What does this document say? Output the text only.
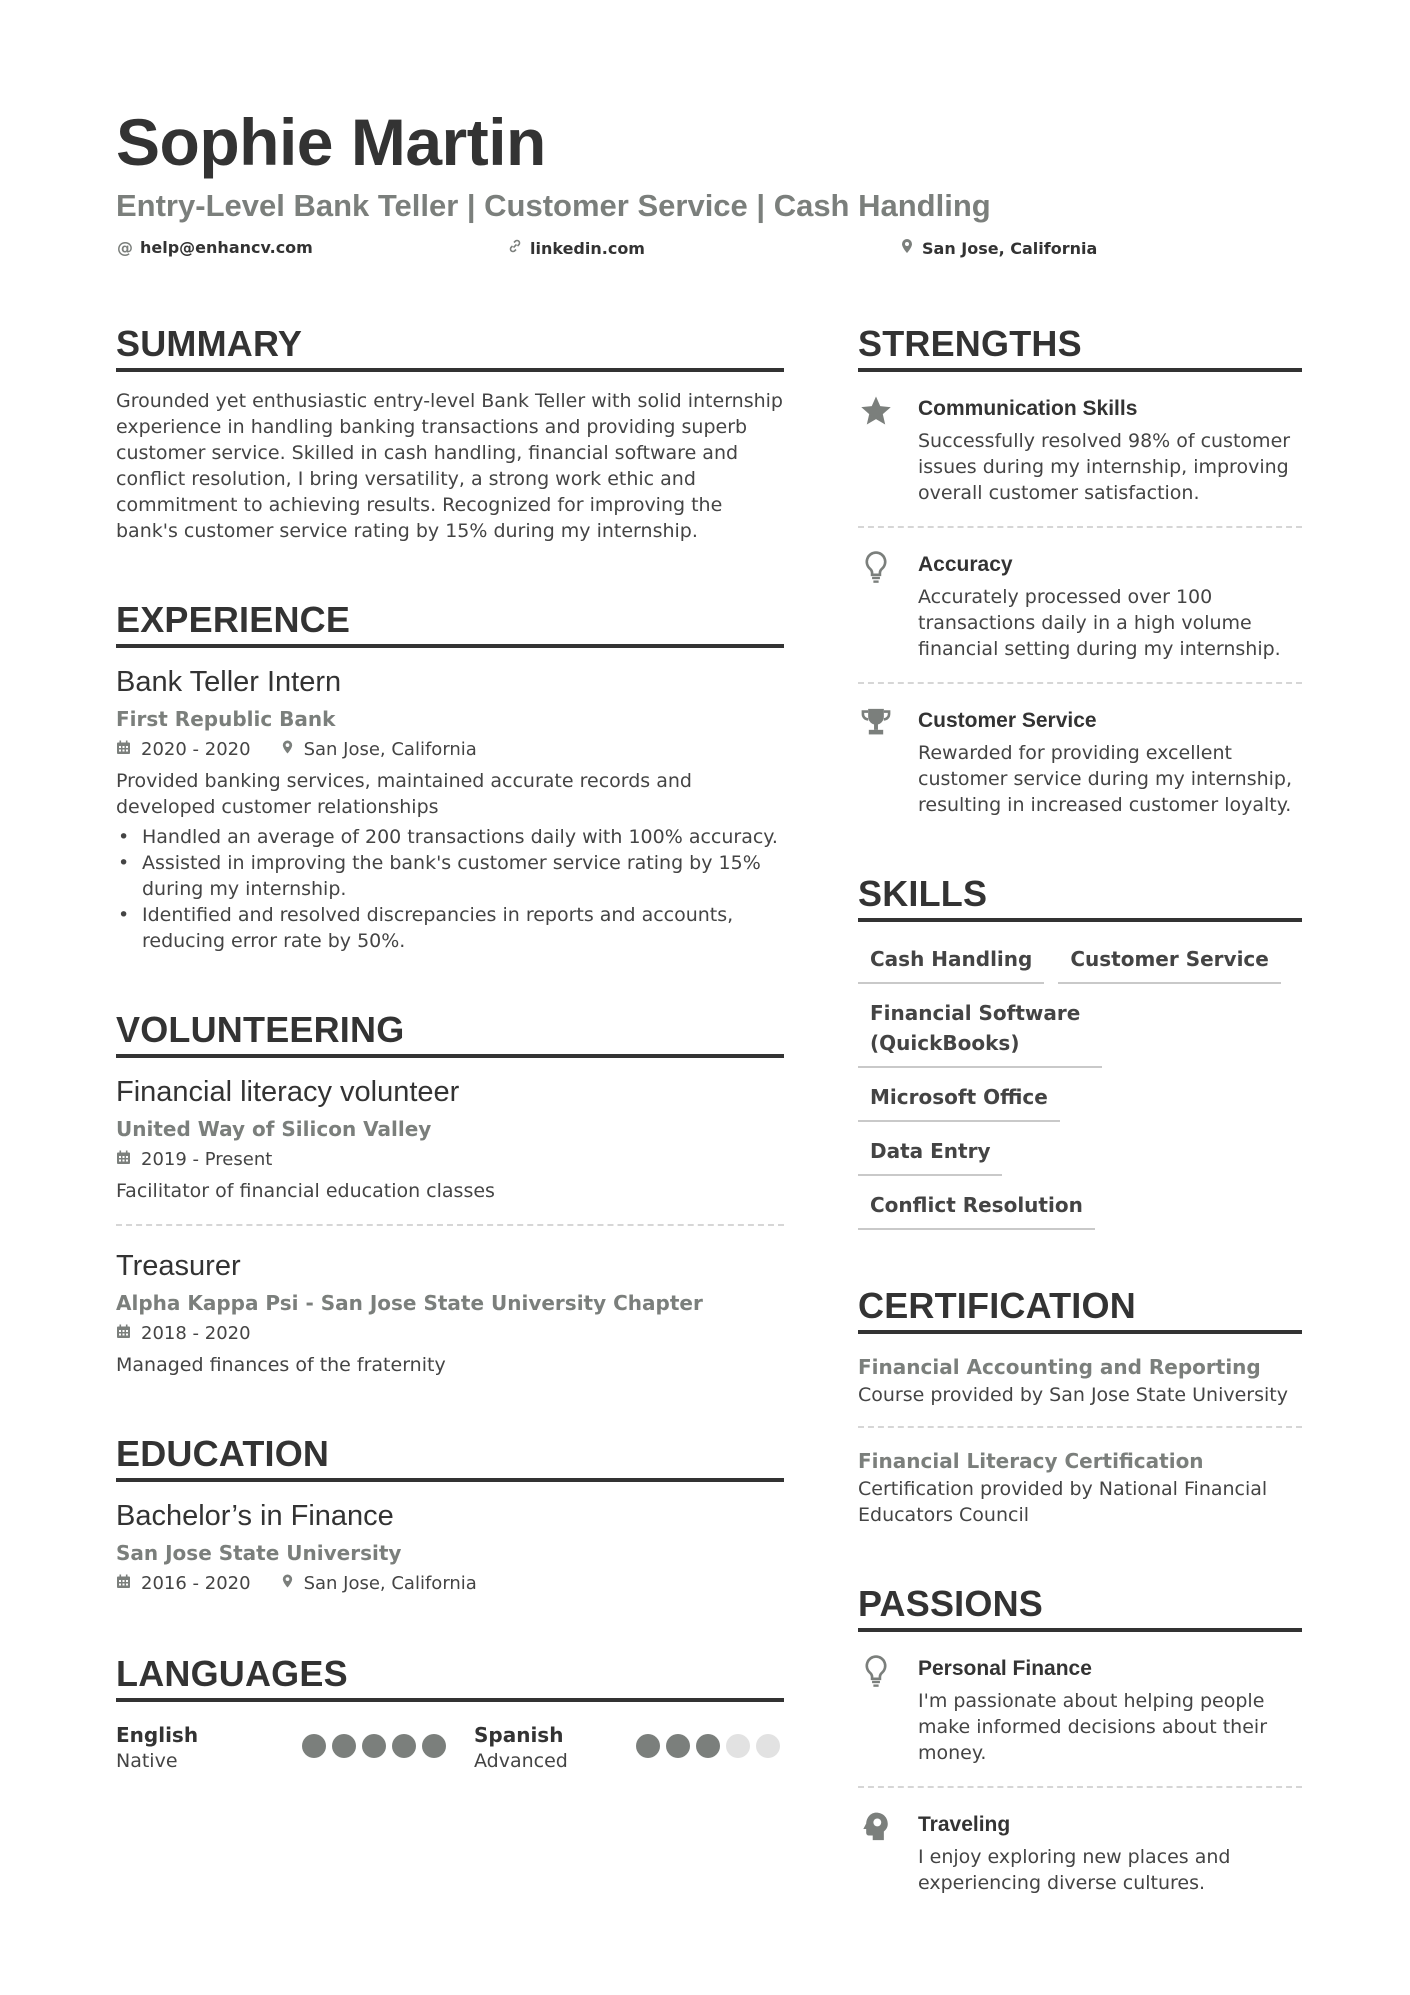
Sophie Martin
Entry-Level Bank Teller | Customer Service | Cash Handling
@ help@enhancv.com	linkedin.com	San Jose, California
SUMMARY
Grounded yet enthusiastic entry-level Bank Teller with solid internship experience in handling banking transactions and providing superb customer service. Skilled in cash handling, financial software and conflict resolution, I bring versatility, a strong work ethic and commitment to achieving results. Recognized for improving the bank's customer service rating by 15% during my internship.
EXPERIENCE
Bank Teller Intern
First Republic Bank
2020 - 2020	San Jose, California
Provided banking services, maintained accurate records and developed customer relationships
• Handled an average of 200 transactions daily with 100% accuracy.
• Assisted in improving the bank's customer service rating by 15% during my internship.
• Identified and resolved discrepancies in reports and accounts, reducing error rate by 50%.
VOLUNTEERING
Financial literacy volunteer
United Way of Silicon Valley
2019 - Present
Facilitator of financial education classes
Treasurer
Alpha Kappa Psi - San Jose State University Chapter
2018 - 2020
Managed finances of the fraternity
EDUCATION
Bachelor’s in Finance
San Jose State University
2016 - 2020	San Jose, California
LANGUAGES
English
Native
Spanish
Advanced
STRENGTHS
Communication Skills
Successfully resolved 98% of customer issues during my internship, improving overall customer satisfaction.
Accuracy
Accurately processed over 100 transactions daily in a high volume financial setting during my internship.
Customer Service
Rewarded for providing excellent customer service during my internship, resulting in increased customer loyalty.
SKILLS
Cash Handling	Customer Service
Financial Software (QuickBooks)
Microsoft Office
Data Entry
Conflict Resolution
CERTIFICATION
Financial Accounting and Reporting
Course provided by San Jose State University
Financial Literacy Certification
Certification provided by National Financial Educators Council
PASSIONS
Personal Finance
I'm passionate about helping people make informed decisions about their money.
Traveling
I enjoy exploring new places and experiencing diverse cultures.
